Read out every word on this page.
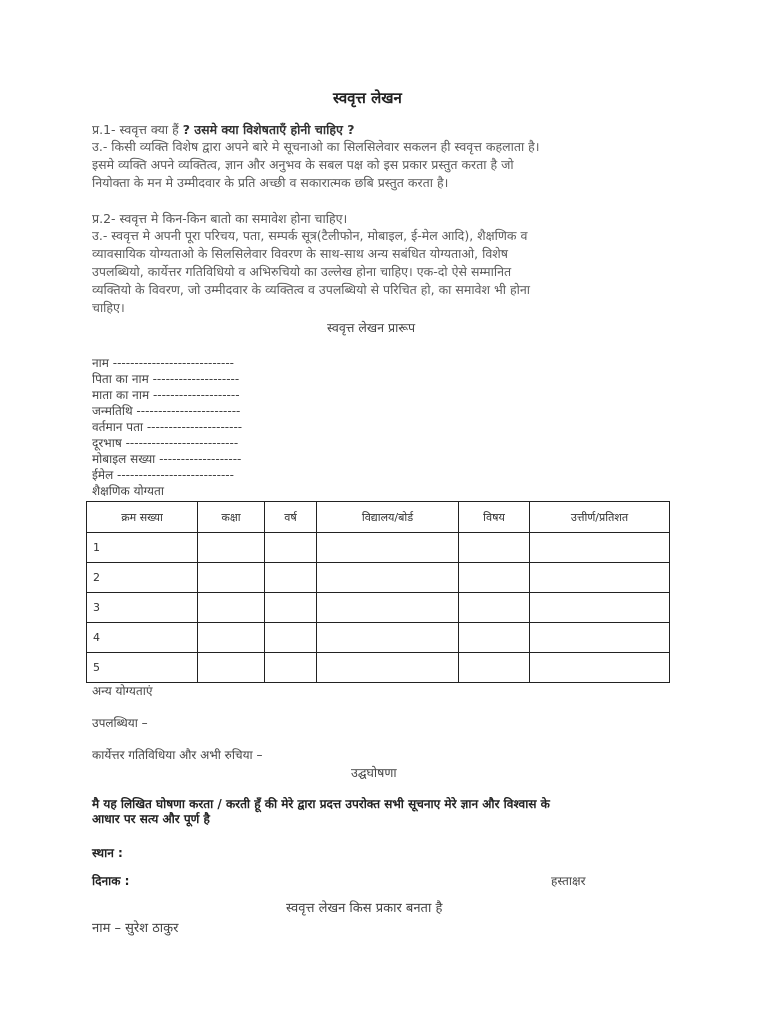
स्ववृत्त लेखन
प्र.1- स्ववृत्त क्या हैं ? उसमे क्या विशेषताएँ होनी चाहिए ?
उ.- किसी व्यक्ति विशेष द्वारा अपने बारे मे सूचनाओ का सिलसिलेवार सकलन ही स्ववृत्त कहलाता है।
इसमे व्यक्ति अपने व्यक्तित्व, ज्ञान और अनुभव के सबल पक्ष को इस प्रकार प्रस्तुत करता है जो
नियोक्ता के मन मे उम्मीदवार के प्रति अच्छी व सकारात्मक छबि प्रस्तुत करता है।
प्र.2- स्ववृत्त मे किन-किन बातो का समावेश होना चाहिए।
उ.- स्ववृत्त मे अपनी पूरा परिचय, पता, सम्पर्क सूत्र(टैलीफोन, मोबाइल, ई-मेल आदि), शैक्षणिक व
व्यावसायिक योग्यताओ के सिलसिलेवार विवरण के साथ-साथ अन्य सबंधित योग्यताओ, विशेष
उपलब्धियो, कार्येत्तर गतिविधियो व अभिरुचियो का उल्लेख होना चाहिए। एक-दो ऐसे सम्मानित
व्यक्तियो के विवरण, जो उम्मीदवार के व्यक्तित्व व उपलब्धियो से परिचित हो, का समावेश भी होना
चाहिए।
स्ववृत्त लेखन प्रारूप
नाम ----------------------------
पिता का नाम --------------------
माता का नाम --------------------
जन्मतिथि ------------------------
वर्तमान पता ----------------------
दूरभाष --------------------------
मोबाइल सख्या -------------------
ईमेल ---------------------------
शैक्षणिक योग्यता
क्रम सख्या	कक्षा	वर्ष	विद्यालय/बोर्ड	विषय	उत्तीर्ण/प्रतिशत
1					
2					
3					
4					
5					
अन्य योग्यताएं
उपलब्धिया –
कार्येत्तर गतिविधिया और अभी रुचिया –
उद्घघोषणा
मै यह लिखित घोषणा करता / करती हूँ की मेरे द्वारा प्रदत्त उपरोक्त सभी सूचनाए मेरे ज्ञान और विश्वास के
आधार पर सत्य और पूर्ण है
स्थान :
दिनाक :	हस्ताक्षर
स्ववृत्त लेखन किस प्रकार बनता है
नाम – सुरेश ठाकुर
